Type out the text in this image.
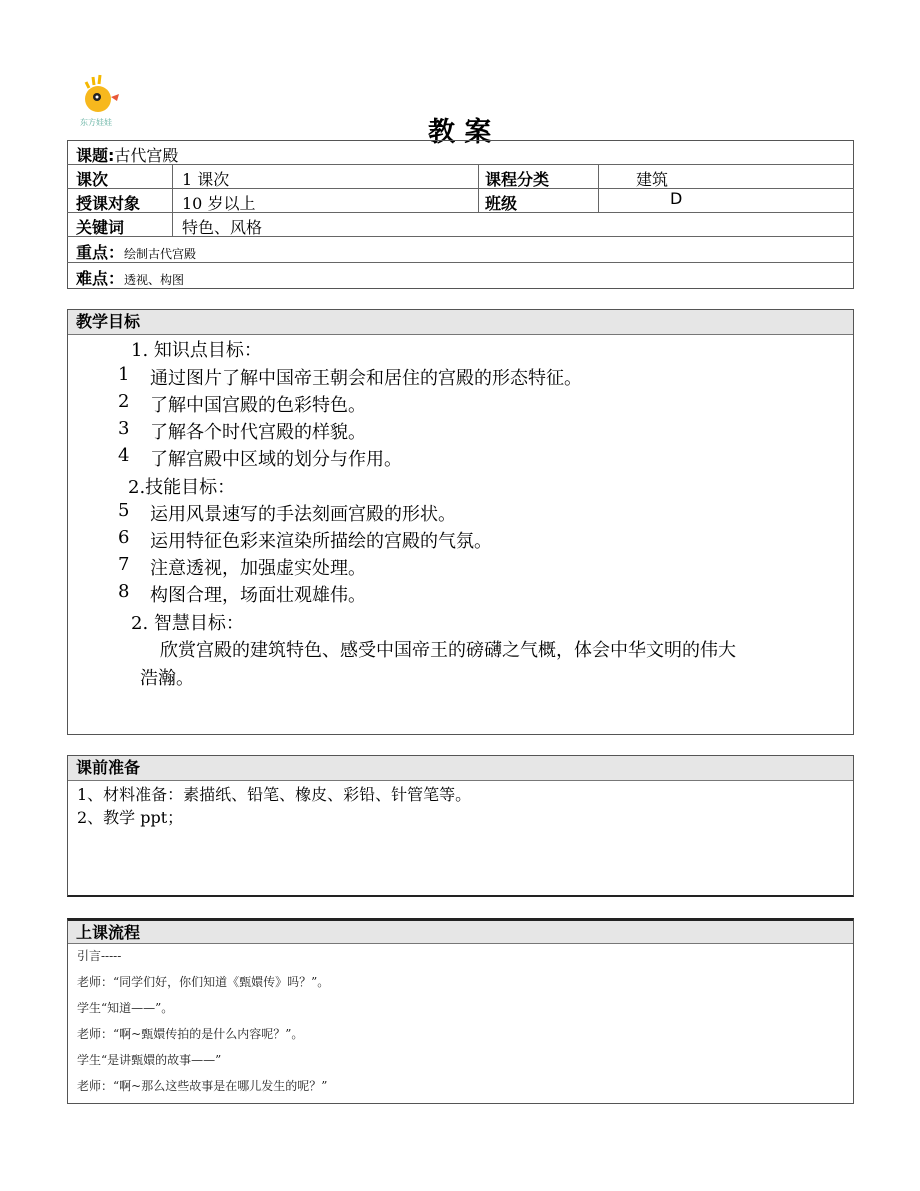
东方娃娃	教 案
课题:古代宫殿
课次	1 课次	课程分类	建筑
授课对象	10 岁以上	班级	D
关键词	特色、风格
重点：绘制古代宫殿
难点：透视、构图
教学目标
1. 知识点目标：
1 通过图片了解中国帝王朝会和居住的宫殿的形态特征。
2 了解中国宫殿的色彩特色。
3 了解各个时代宫殿的样貌。
4 了解宫殿中区域的划分与作用。
5 运用风景速写的手法刻画宫殿的形状。
6 运用特征色彩来渲染所描绘的宫殿的气氛。
7 注意透视，加强虚实处理。
8 构图合理，场面壮观雄伟。
2.技能目标：
2. 智慧目标：
欣赏宫殿的建筑特色、感受中国帝王的磅礴之气概，体会中华文明的伟大
浩瀚。
课前准备
1、材料准备：素描纸、铅笔、橡皮、彩铅、针管笔等。
2、教学 ppt；
上课流程
引言-----
老师：“同学们好，你们知道《甄嬛传》吗？”。
学生“知道——”。
老师：“啊~甄嬛传拍的是什么内容呢？”。
学生“是讲甄嬛的故事——”
老师：“啊~那么这些故事是在哪儿发生的呢？”
